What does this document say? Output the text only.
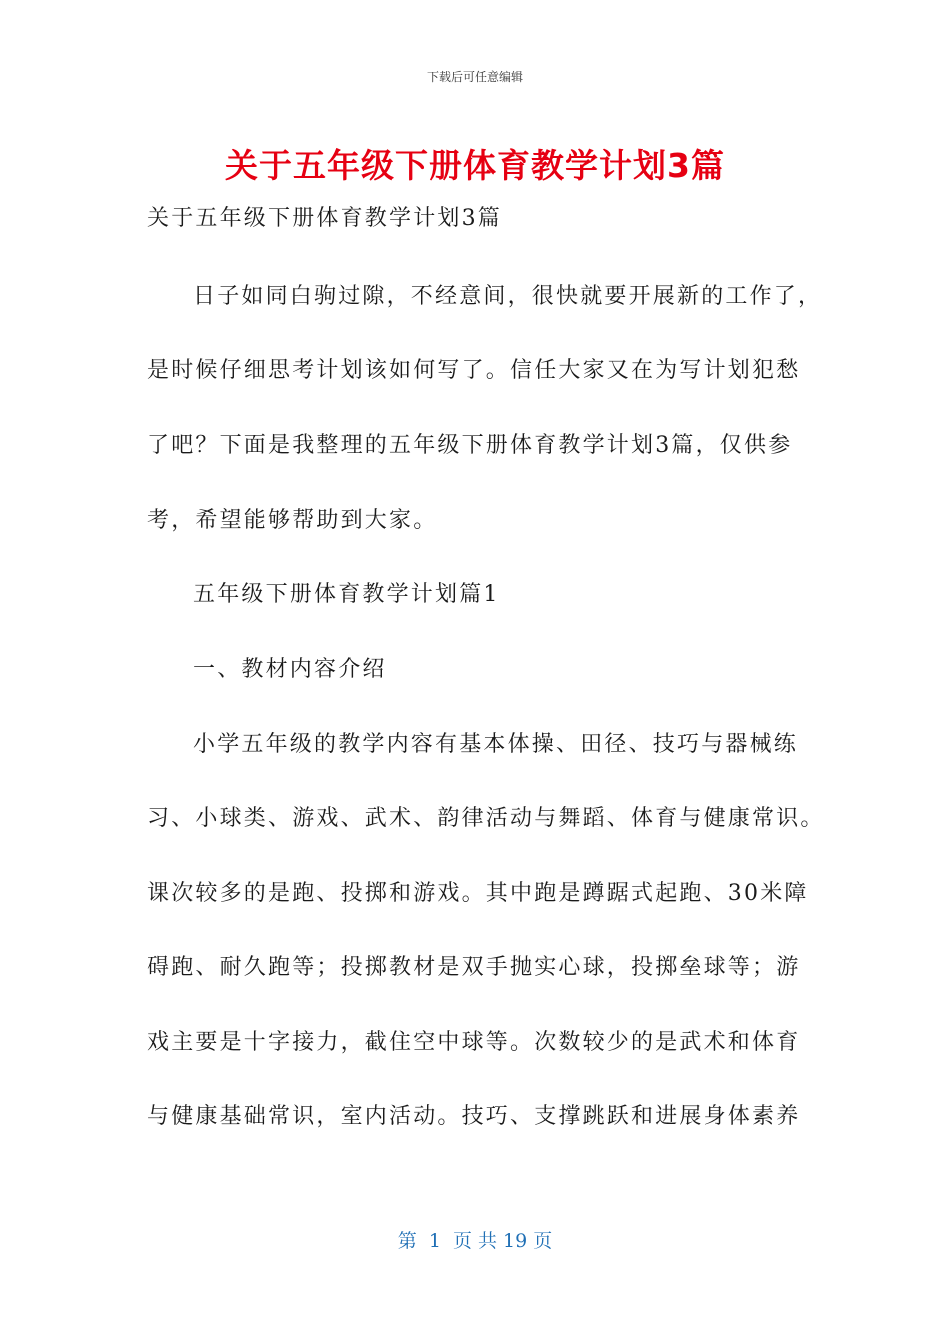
下载后可任意编辑
关于五年级下册体育教学计划3篇
关于五年级下册体育教学计划3篇
日子如同白驹过隙，不经意间，很快就要开展新的工作了，
是时候仔细思考计划该如何写了。信任大家又在为写计划犯愁
了吧？下面是我整理的五年级下册体育教学计划3篇，仅供参
考，希望能够帮助到大家。
五年级下册体育教学计划篇1
一、教材内容介绍
小学五年级的教学内容有基本体操、田径、技巧与器械练
习、小球类、游戏、武术、韵律活动与舞蹈、体育与健康常识。
课次较多的是跑、投掷和游戏。其中跑是蹲踞式起跑、30米障
碍跑、耐久跑等；投掷教材是双手抛实心球，投掷垒球等；游
戏主要是十字接力，截住空中球等。次数较少的是武术和体育
与健康基础常识，室内活动。技巧、支撑跳跃和进展身体素养
第 1 页 共 19 页
